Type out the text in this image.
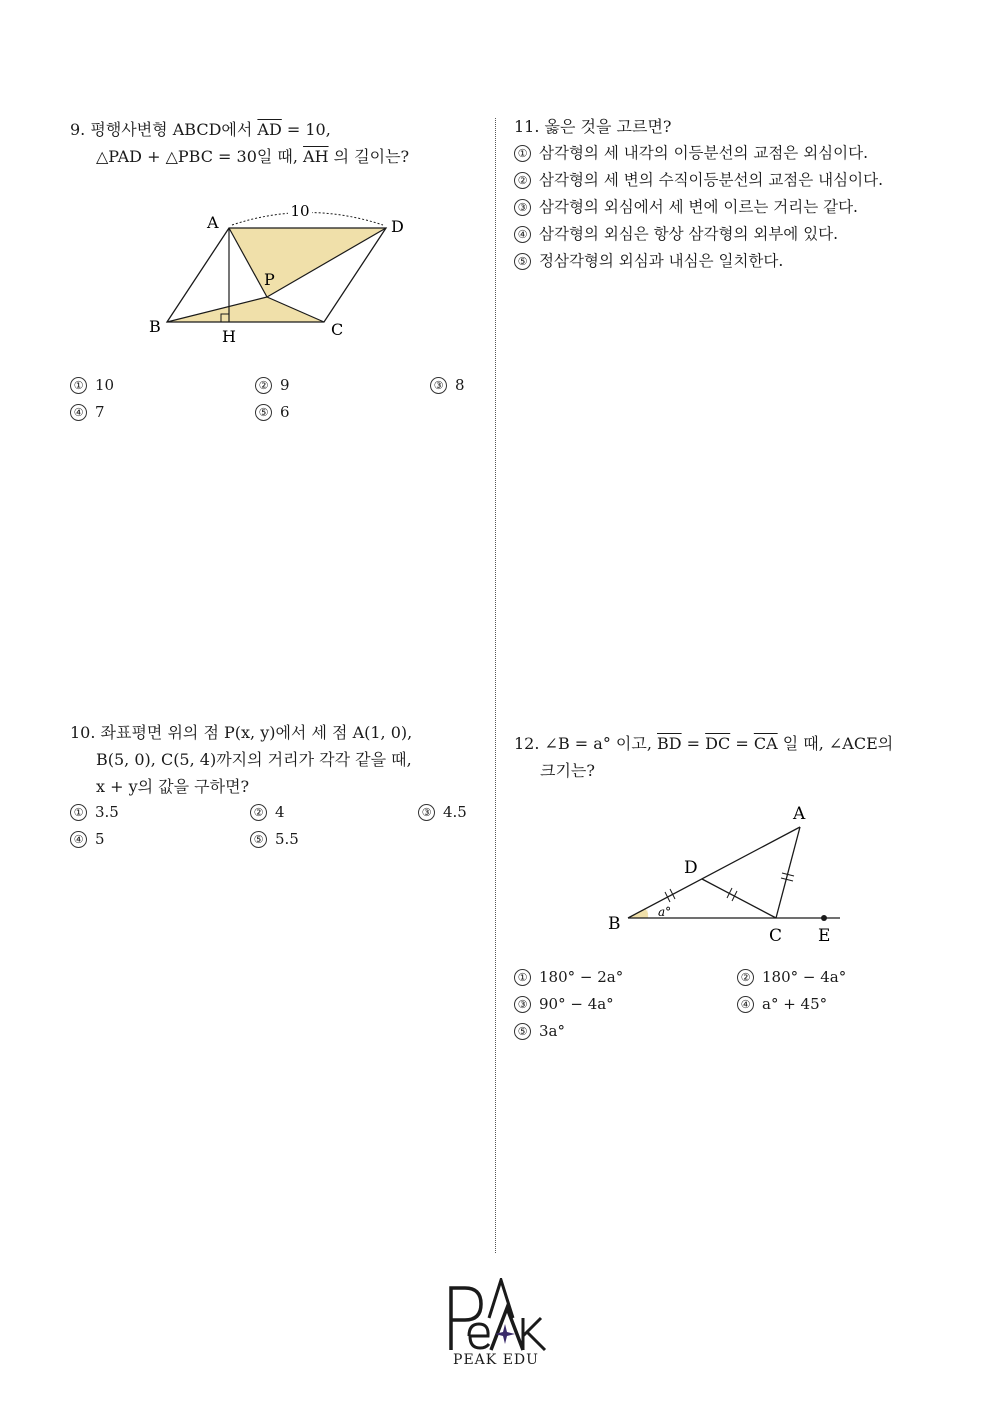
9. 평행사변형 ABCD에서 $\overline{AD} = 10$,
△PAD + △PBC = 30일 때, $\overline{AH}$ 의 길이는?
10
A	D
P
B	C
H
① 10	② 9	③ 8
④ 7	⑤ 6
10. 좌표평면 위의 점 P(x, y)에서 세 점 A(1, 0),
B(5, 0), C(5, 4)까지의 거리가 각각 같을 때,
x + y의 값을 구하면?
① 3.5	② 4	③ 4.5
④ 5	⑤ 5.5
11. 옳은 것을 고르면?
① 삼각형의 세 내각의 이등분선의 교점은 외심이다.
② 삼각형의 세 변의 수직이등분선의 교점은 내심이다.
③ 삼각형의 외심에서 세 변에 이르는 거리는 같다.
④ 삼각형의 외심은 항상 삼각형의 외부에 있다.
⑤ 정삼각형의 외심과 내심은 일치한다.
12. ∠B = a° 이고, $\overline{BD} = \overline{DC} = \overline{CA}$ 일 때, ∠ACE의
크기는?
A
D
B
C E
a°
① 180° − 2a°	② 180° − 4a°
③ 90° − 4a°	④ a° + 45°
⑤ 3a°
PEAK EDU
